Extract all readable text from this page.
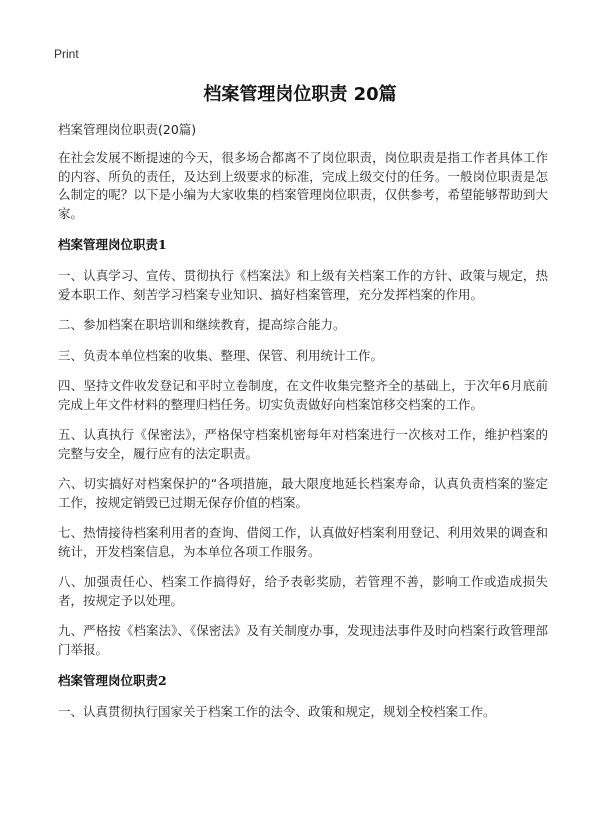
Print
档案管理岗位职责 20篇

档案管理岗位职责(20篇)

在社会发展不断提速的今天，很多场合都离不了岗位职责，岗位职责是指工作者具体工作的内容、所负的责任，及达到上级要求的标准，完成上级交付的任务。一般岗位职责是怎么制定的呢？以下是小编为大家收集的档案管理岗位职责，仅供参考，希望能够帮助到大家。

档案管理岗位职责1

一、认真学习、宣传、贯彻执行《档案法》和上级有关档案工作的方针、政策与规定，热爱本职工作、刻苦学习档案专业知识、搞好档案管理，充分发挥档案的作用。

二、参加档案在职培训和继续教育，提高综合能力。

三、负责本单位档案的收集、整理、保管、利用统计工作。

四、坚持文件收发登记和平时立卷制度，在文件收集完整齐全的基础上，于次年6月底前完成上年文件材料的整理归档任务。切实负责做好向档案馆移交档案的工作。

五、认真执行《保密法》，严格保守档案机密每年对档案进行一次核对工作，维护档案的完整与安全，履行应有的法定职责。

六、切实搞好对档案保护的“各项措施，最大限度地延长档案寿命，认真负责档案的鉴定工作，按规定销毁已过期无保存价值的档案。

七、热情接待档案利用者的查询、借阅工作，认真做好档案利用登记、利用效果的调查和统计，开发档案信息，为本单位各项工作服务。

八、加强责任心、档案工作搞得好，给予表彰奖励，若管理不善，影响工作或造成损失者，按规定予以处理。

九、严格按《档案法》、《保密法》及有关制度办事，发现违法事件及时向档案行政管理部门举报。

档案管理岗位职责2

一、认真贯彻执行国家关于档案工作的法令、政策和规定，规划全校档案工作。
